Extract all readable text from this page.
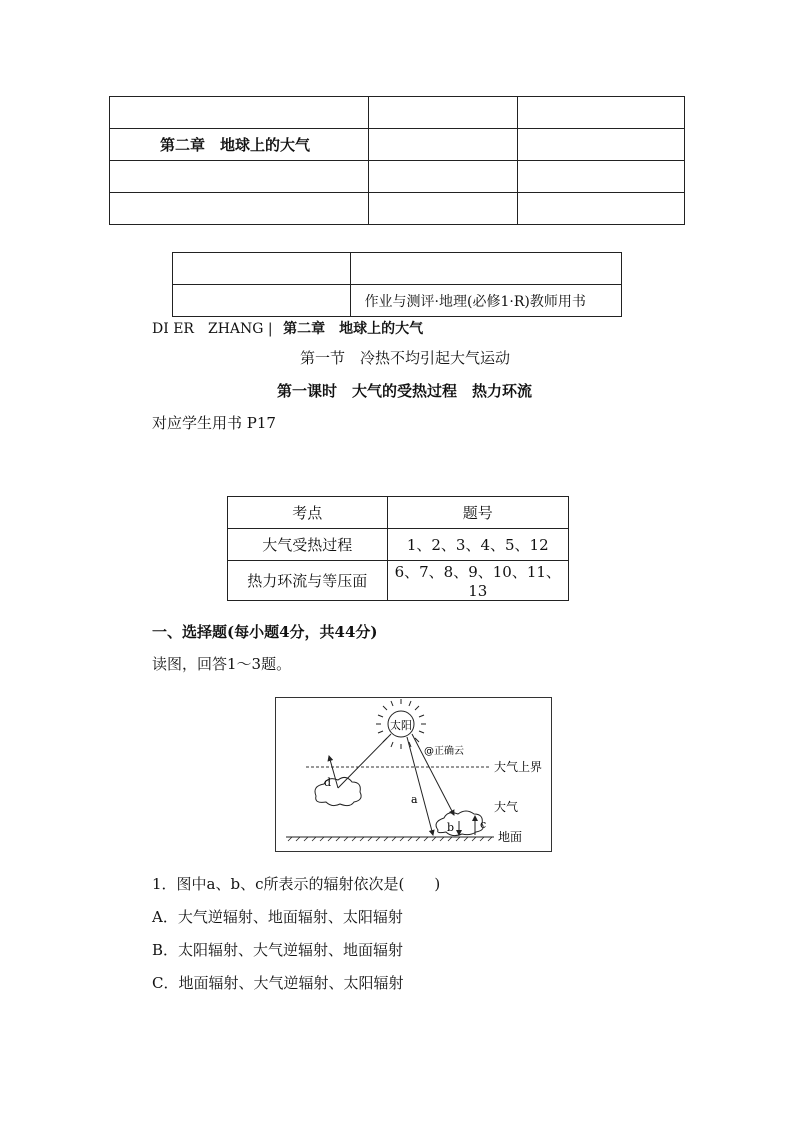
第二章　地球上的大气		

	作业与测评·地理(必修1·R)教师用书
DI ER　ZHANG | 第二章　地球上的大气
第一节　冷热不均引起大气运动
第一课时　大气的受热过程　热力环流
对应学生用书 P17
考点	题号
大气受热过程	1、2、3、4、5、12
热力环流与等压面	6、7、8、9、10、11、13
一、选择题(每小题4分，共44分)
读图，回答1～3题。
太阳
@正确云
大气上界
d
a
b c
大气
地面
1．图中a、b、c所表示的辐射依次是(　　)
A．大气逆辐射、地面辐射、太阳辐射
B．太阳辐射、大气逆辐射、地面辐射
C．地面辐射、大气逆辐射、太阳辐射
